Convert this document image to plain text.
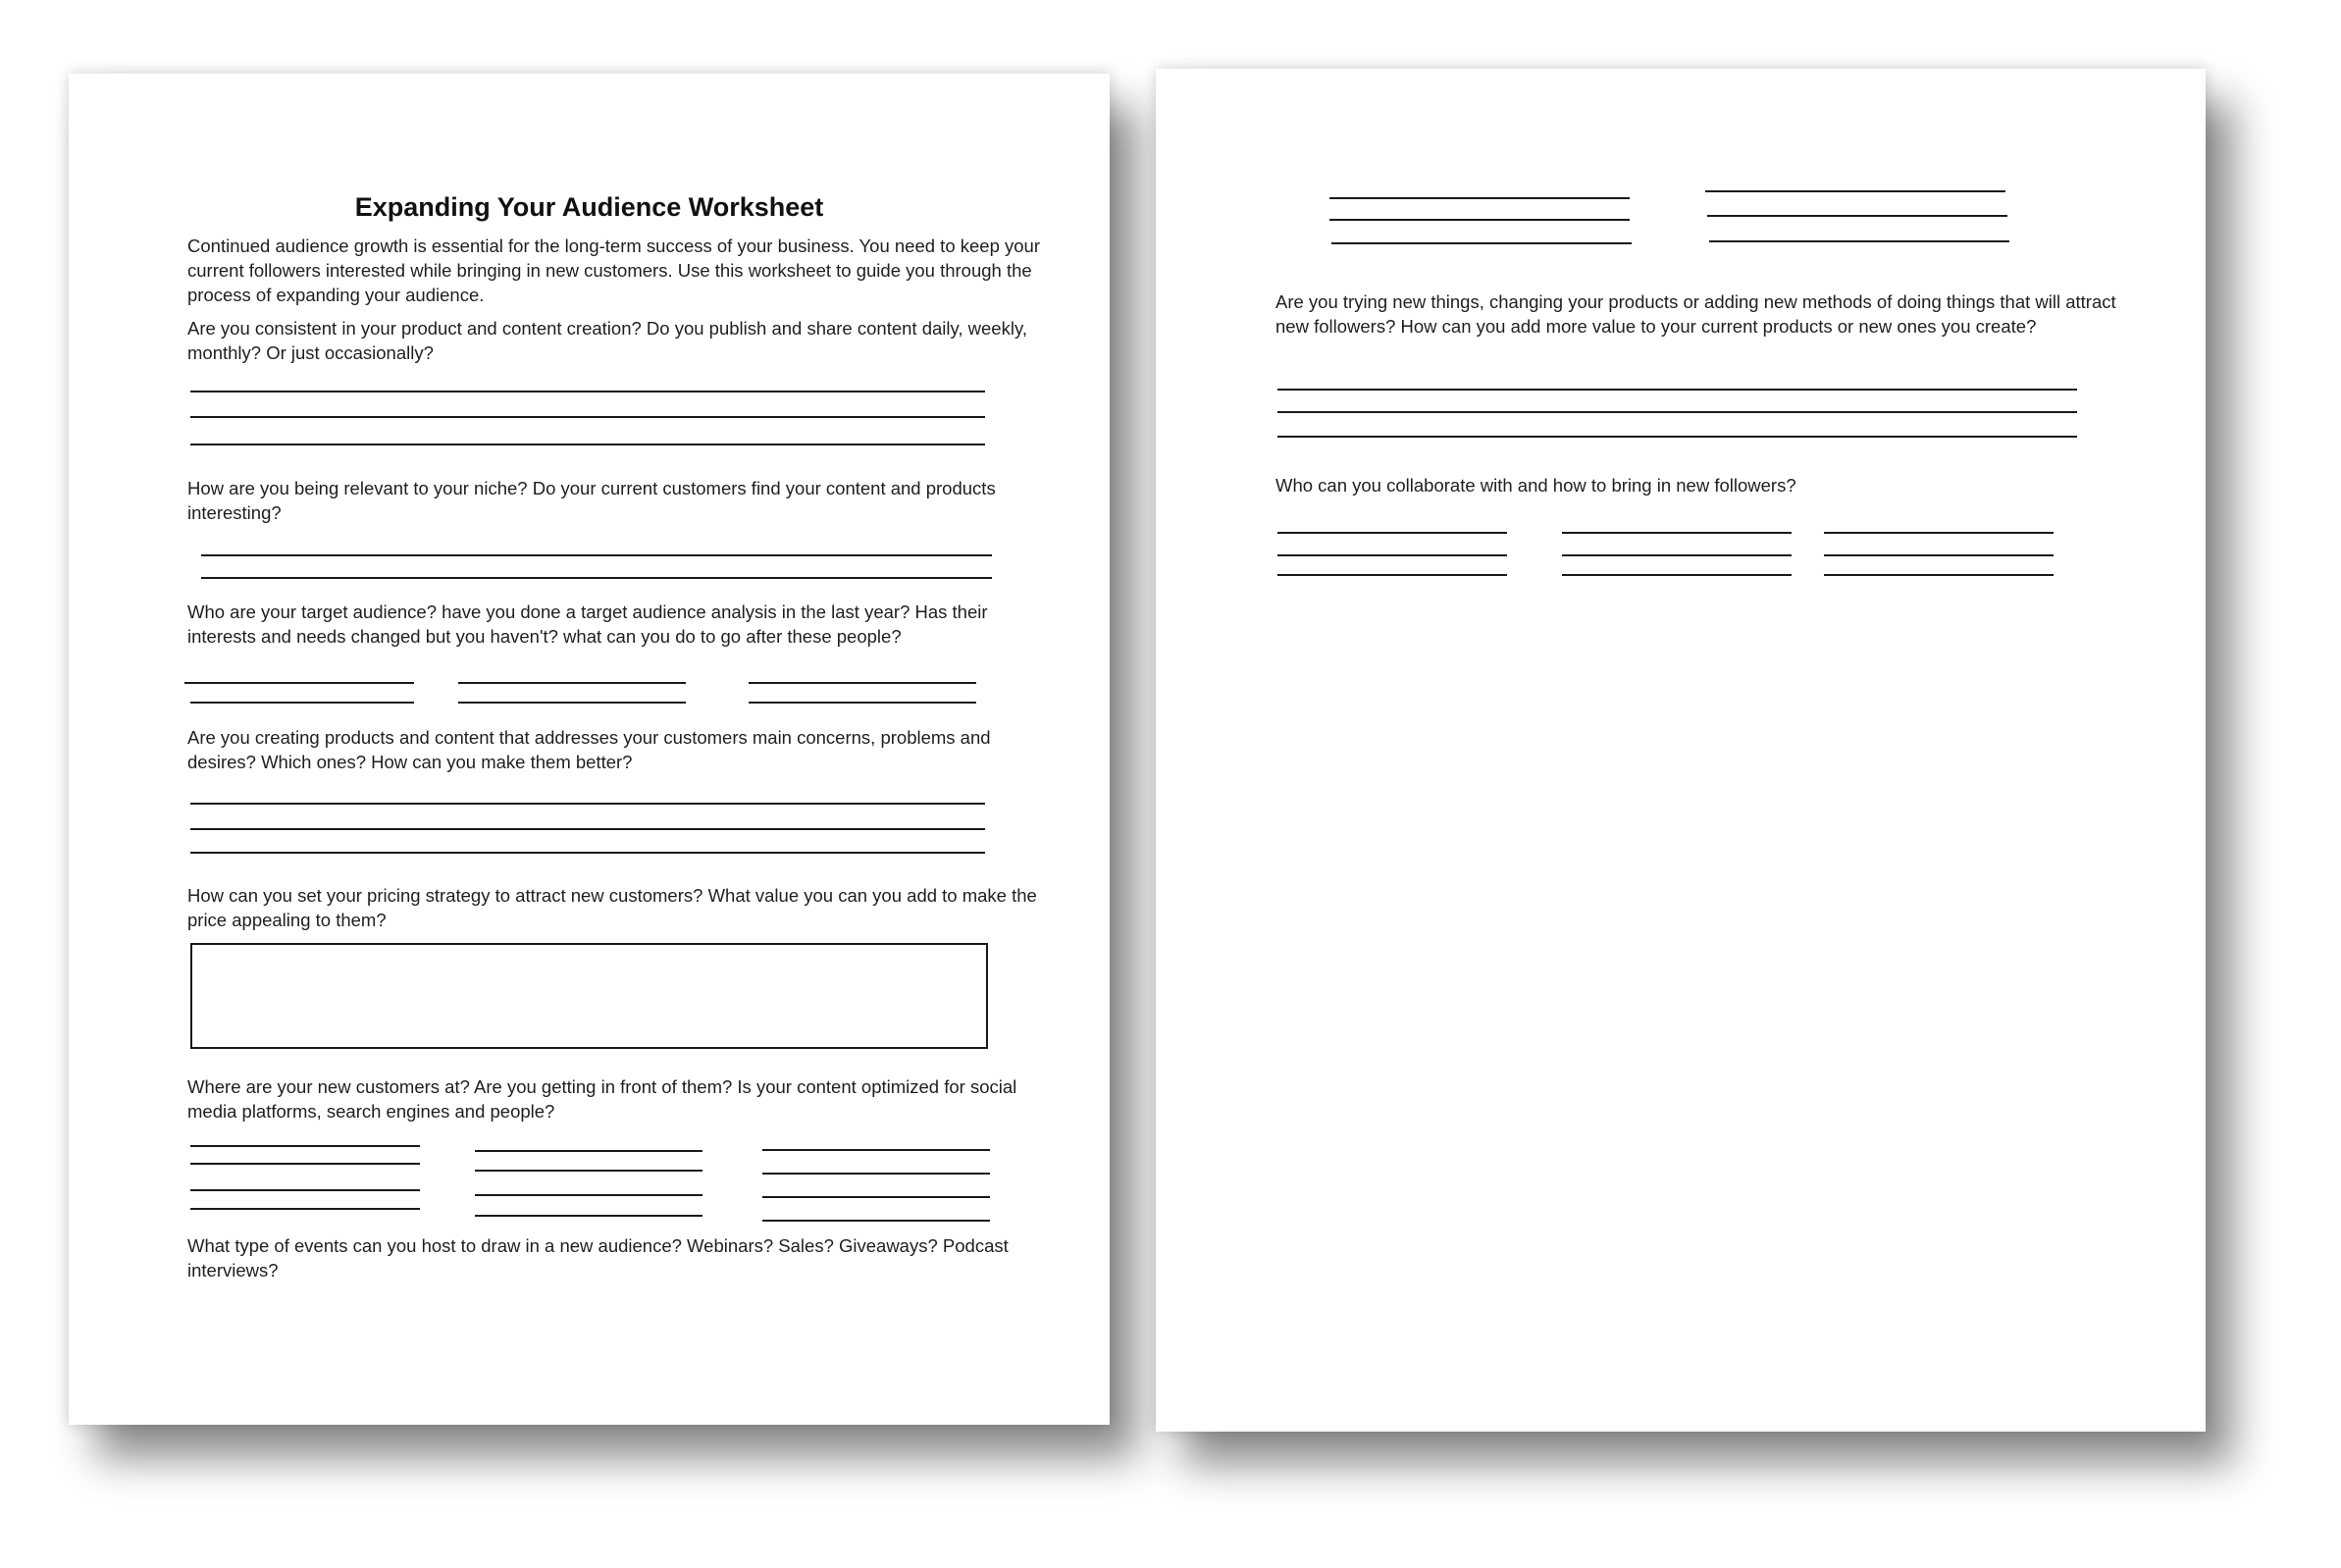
Expanding Your Audience Worksheet

Continued audience growth is essential for the long-term success of your business. You need to keep your current followers interested while bringing in new customers. Use this worksheet to guide you through the process of expanding your audience.

Are you consistent in your product and content creation? Do you publish and share content daily, weekly, monthly? Or just occasionally?

How are you being relevant to your niche? Do your current customers find your content and products interesting?

Who are your target audience? have you done a target audience analysis in the last year? Has their interests and needs changed but you haven't? what can you do to go after these people?

Are you creating products and content that addresses your customers main concerns, problems and desires? Which ones? How can you make them better?

How can you set your pricing strategy to attract new customers? What value you can you add to make the price appealing to them?

Where are your new customers at? Are you getting in front of them? Is your content optimized for social media platforms, search engines and people?

What type of events can you host to draw in a new audience? Webinars? Sales? Giveaways? Podcast interviews?

Are you trying new things, changing your products or adding new methods of doing things that will attract new followers? How can you add more value to your current products or new ones you create?

Who can you collaborate with and how to bring in new followers?
